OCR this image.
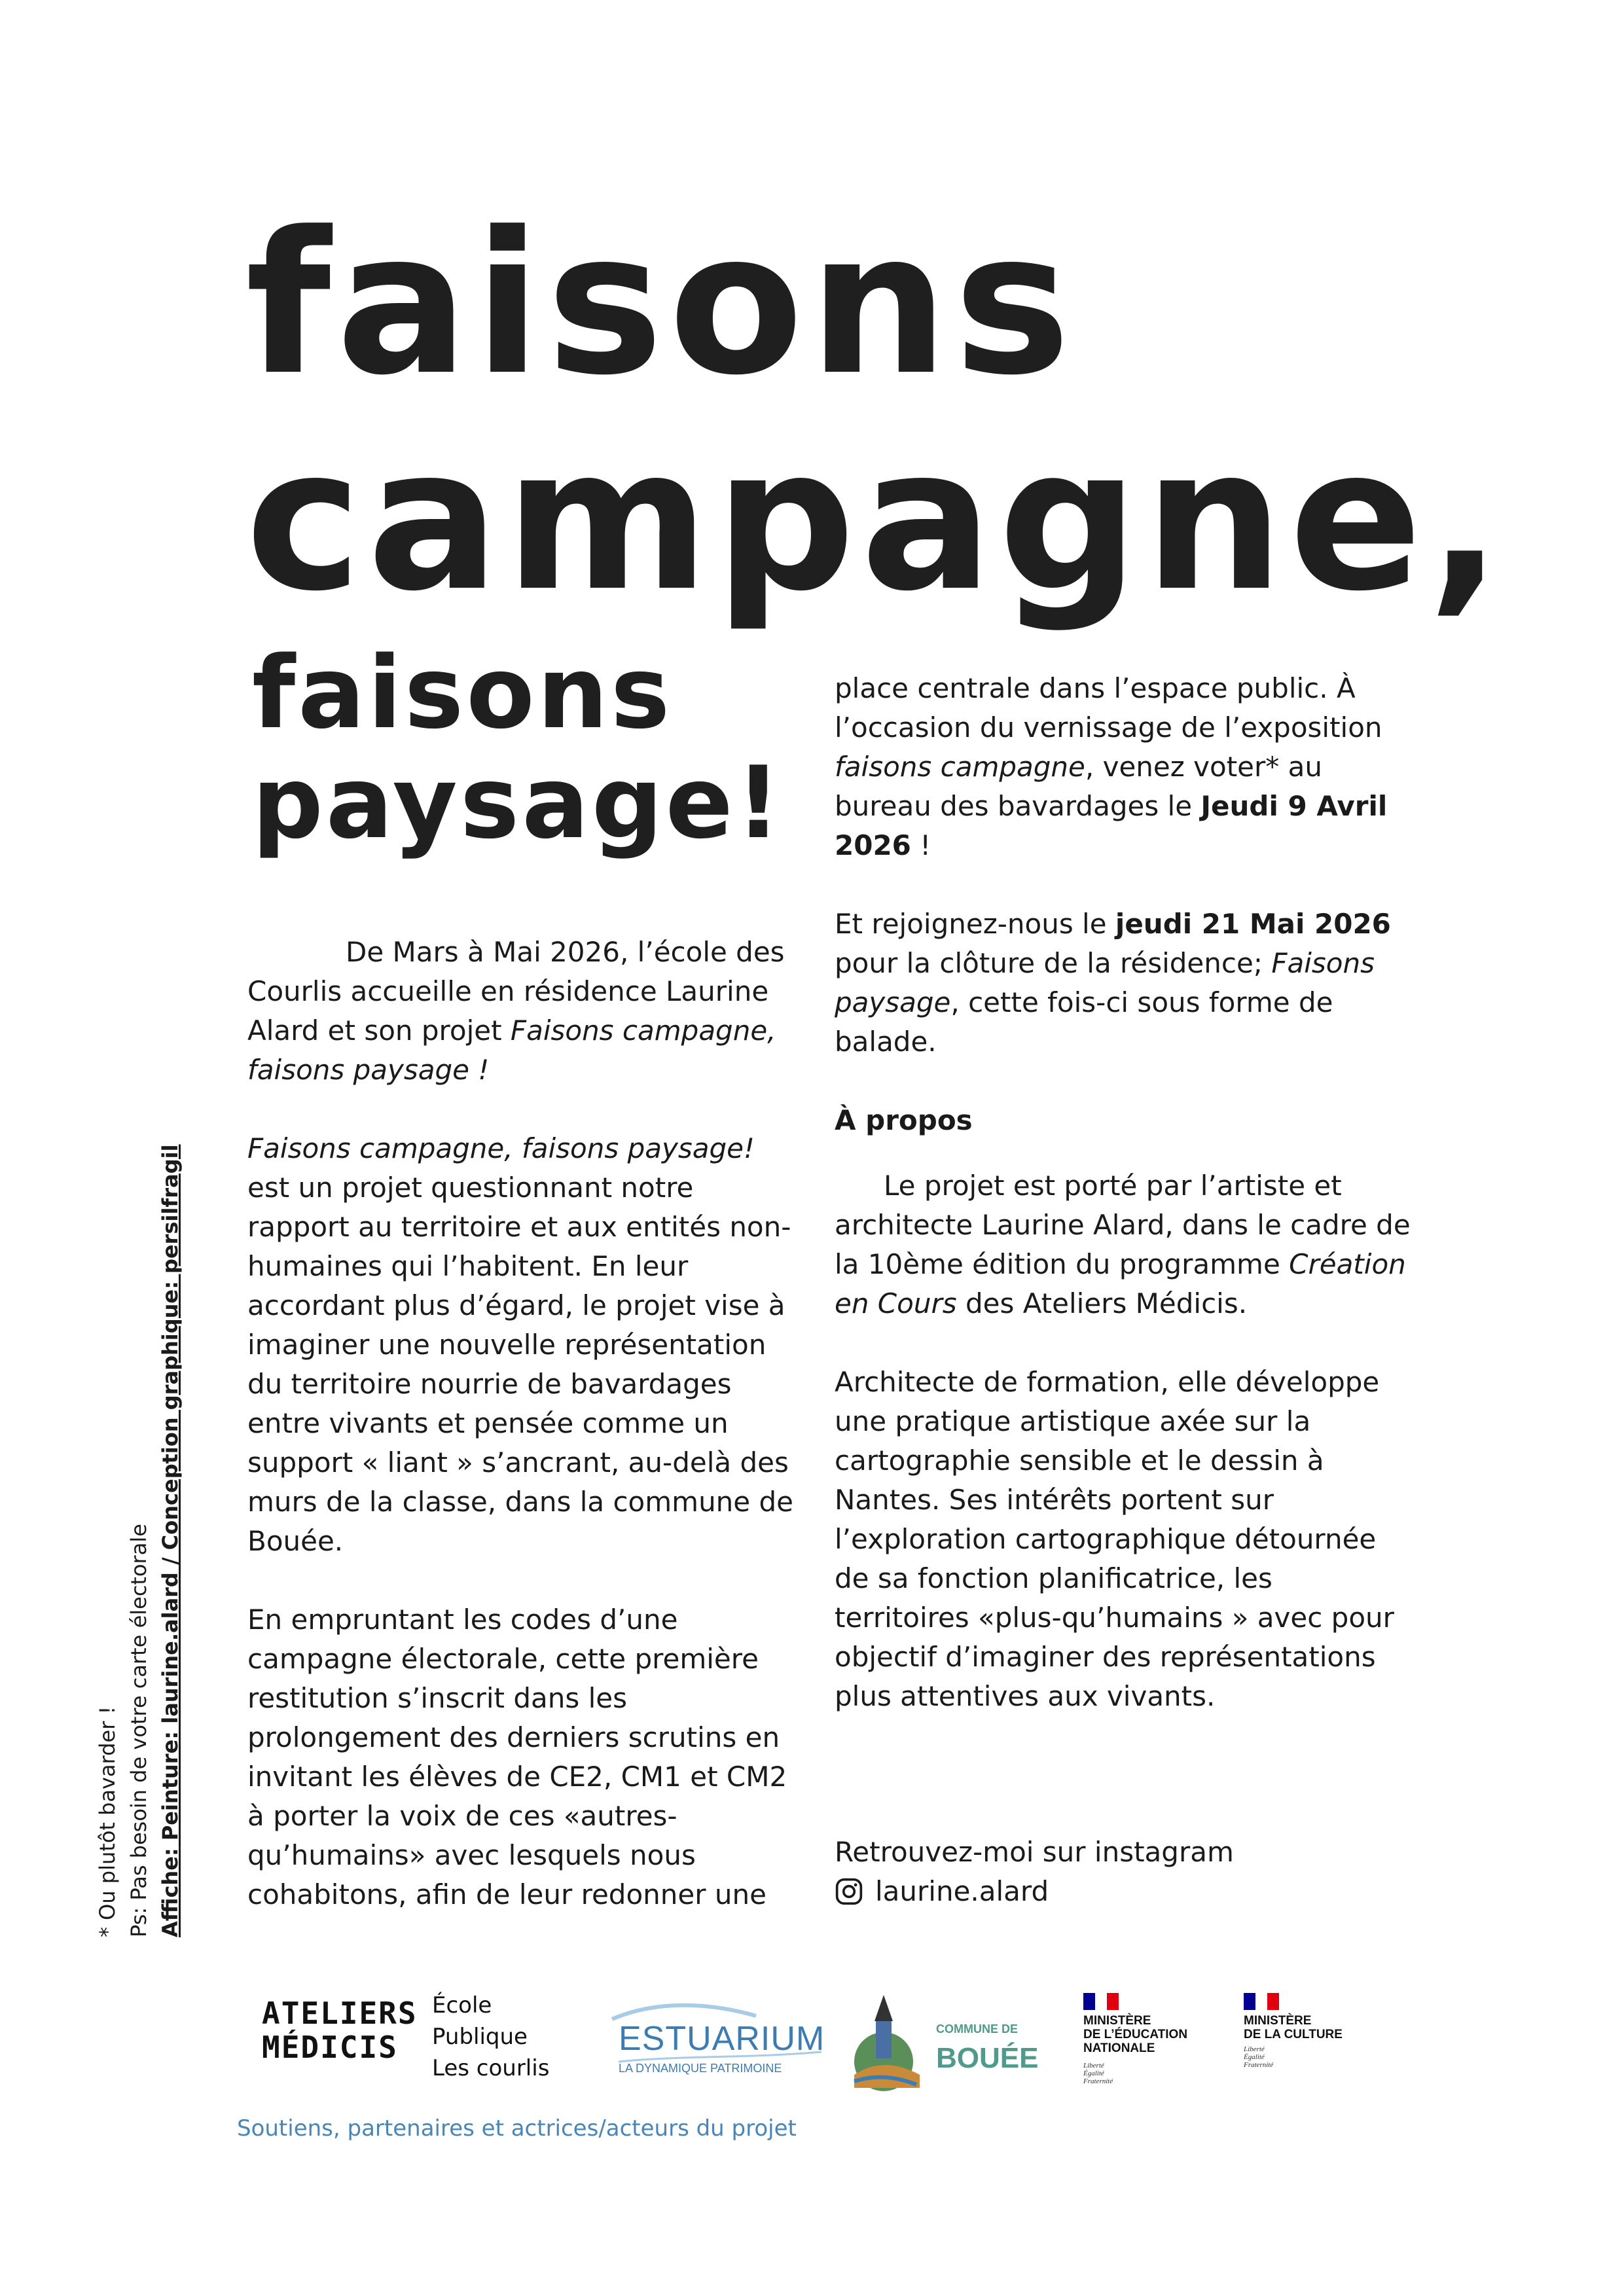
faisons
campagne,
faisons
paysage!

De Mars à Mai 2026, l’école des Courlis accueille en résidence Laurine Alard et son projet Faisons campagne, faisons paysage !

Faisons campagne, faisons paysage! est un projet questionnant notre rapport au territoire et aux entités non-humaines qui l’habitent. En leur accordant plus d’égard, le projet vise à imaginer une nouvelle représentation du territoire nourrie de bavardages entre vivants et pensée comme un support « liant » s’ancrant, au-delà des murs de la classe, dans la commune de Bouée.

En empruntant les codes d’une campagne électorale, cette première restitution s’inscrit dans les prolongement des derniers scrutins en invitant les élèves de CE2, CM1 et CM2 à porter la voix de ces «autres-qu’humains» avec lesquels nous cohabitons, afin de leur redonner une

place centrale dans l’espace public. À l’occasion du vernissage de l’exposition faisons campagne, venez voter* au bureau des bavardages le Jeudi 9 Avril 2026 !

Et rejoignez-nous le jeudi 21 Mai 2026 pour la clôture de la résidence; Faisons paysage, cette fois-ci sous forme de balade.

À propos

Le projet est porté par l’artiste et architecte Laurine Alard, dans le cadre de la 10ème édition du programme Création en Cours des Ateliers Médicis.

Architecte de formation, elle développe une pratique artistique axée sur la cartographie sensible et le dessin à Nantes. Ses intérêts portent sur l’exploration cartographique détournée de sa fonction planificatrice, les territoires «plus-qu’humains » avec pour objectif d’imaginer des représentations plus attentives aux vivants.

Retrouvez-moi sur instagram
laurine.alard
* Ou plutôt bavarder ! Ps: Pas besoin de votre carte électorale Affiche: Peinture: laurine.alard / Conception graphique: persilfragil
ATELIERS
MÉDICIS
École
Publique
Les courlis
ESTUARIUM
LA DYNAMIQUE PATRIMOINE
COMMUNE DE
BOUÉE
MINISTÈRE
DE L’ÉDUCATION
NATIONALE
Liberté
Égalité
Fraternité
MINISTÈRE
DE LA CULTURE
Liberté
Égalité
Fraternité
Soutiens, partenaires et actrices/acteurs du projet
